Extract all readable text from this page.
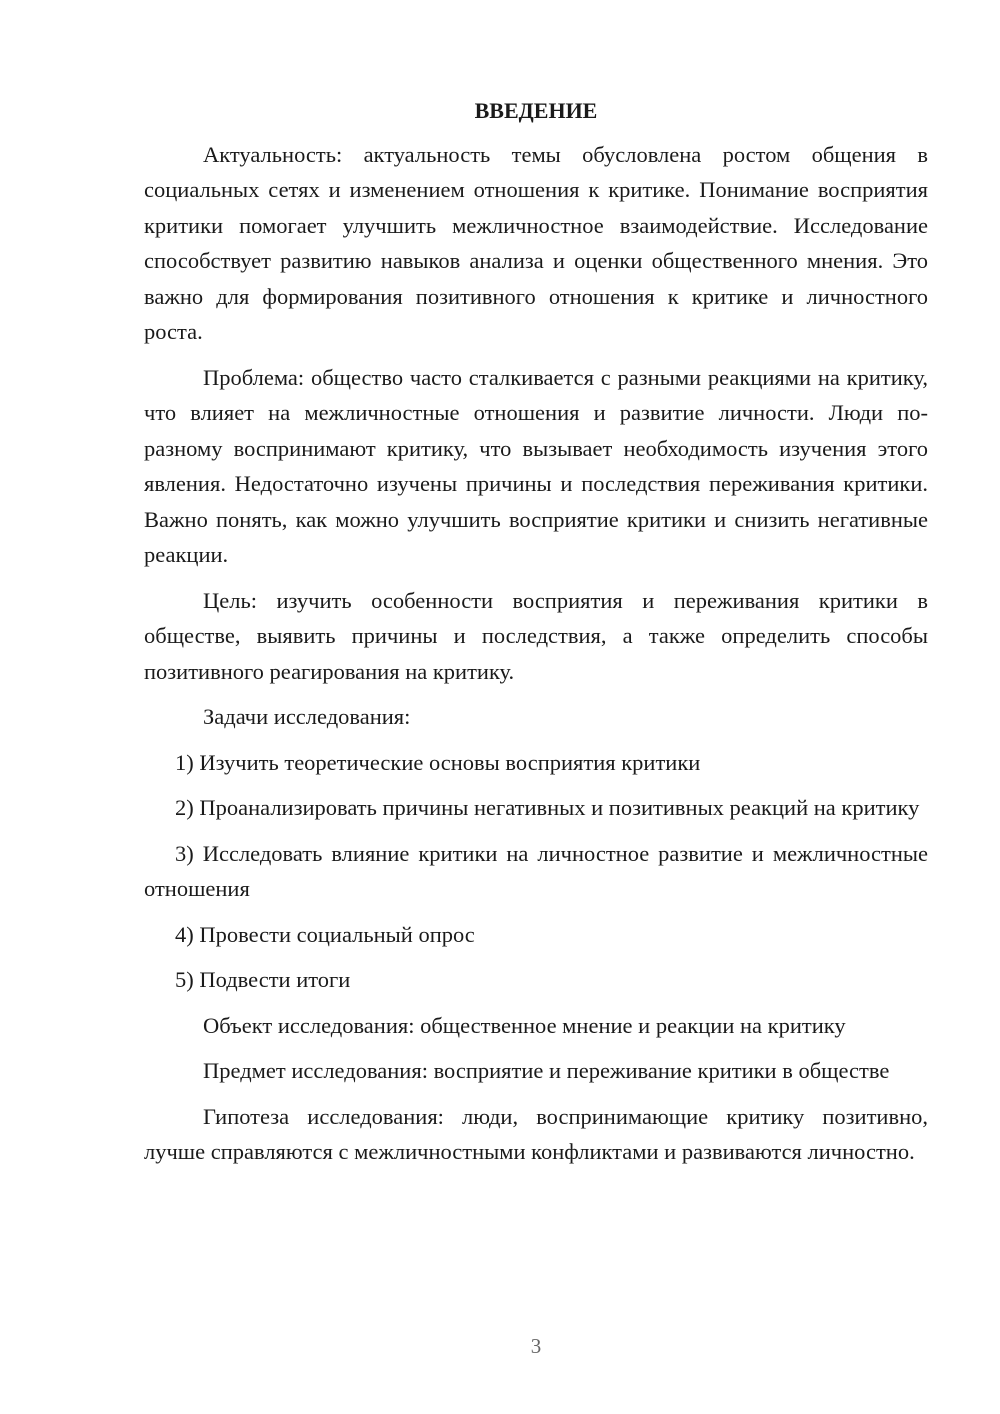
ВВЕДЕНИЕ

Актуальность: актуальность темы обусловлена ростом общения в социальных сетях и изменением отношения к критике. Понимание восприятия критики помогает улучшить межличностное взаимодействие. Исследование способствует развитию навыков анализа и оценки общественного мнения. Это важно для формирования позитивного отношения к критике и личностного роста.

Проблема: общество часто сталкивается с разными реакциями на критику, что влияет на межличностные отношения и развитие личности. Люди по-разному воспринимают критику, что вызывает необходимость изучения этого явления. Недостаточно изучены причины и последствия переживания критики. Важно понять, как можно улучшить восприятие критики и снизить негативные реакции.

Цель: изучить особенности восприятия и переживания критики в обществе, выявить причины и последствия, а также определить способы позитивного реагирования на критику.

Задачи исследования:

1) Изучить теоретические основы восприятия критики

2) Проанализировать причины негативных и позитивных реакций на критику

3) Исследовать влияние критики на личностное развитие и межличностные отношения

4) Провести социальный опрос

5) Подвести итоги

Объект исследования: общественное мнение и реакции на критику

Предмет исследования: восприятие и переживание критики в обществе

Гипотеза исследования: люди, воспринимающие критику позитивно, лучше справляются с межличностными конфликтами и развиваются личностно.

3
